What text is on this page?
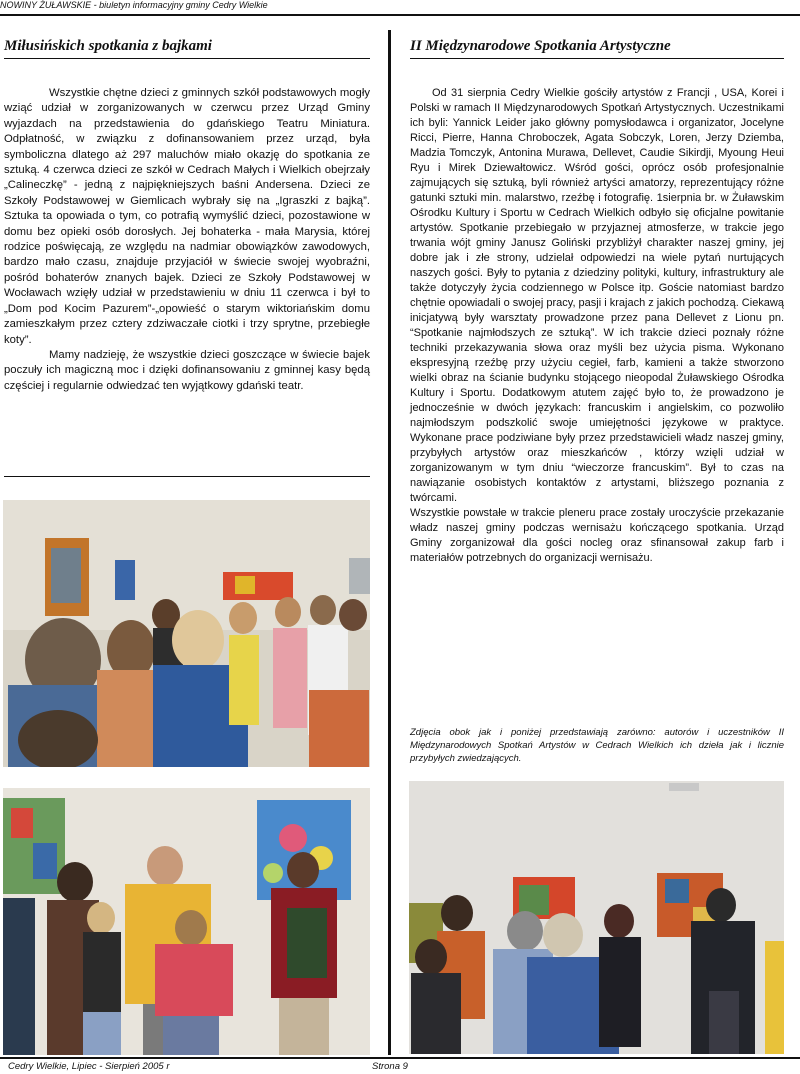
NOWINY ŻUŁAWSKIE - biuletyn informacyjny gminy Cedry Wielkie
Miłusińskich spotkania z bajkami

Wszystkie chętne dzieci z gminnych szkół podstawowych mogły wziąć udział w zorganizowanych w czerwcu przez Urząd Gminy wyjazdach na przedstawienia do gdańskiego Teatru Miniatura. Odpłatność, w związku z dofinansowaniem przez urząd, była symboliczna dlatego aż 297 maluchów miało okazję do spotkania ze sztuką. 4 czerwca dzieci ze szkół w Cedrach Małych i Wielkich obejrzały „Calineczkę” - jedną z najpiękniejszych baśni Andersena. Dzieci ze Szkoły Podstawowej w Giemlicach wybrały się na „Igraszki z bajką”. Sztuka ta opowiada o tym, co potrafią wymyślić dzieci, pozostawione w domu bez opieki osób dorosłych. Jej bohaterka - mała Marysia, której rodzice poświęcają, ze względu na nadmiar obowiązków zawodowych, bardzo mało czasu, znajduje przyjaciół w świecie swojej wyobraźni, pośród bohaterów znanych bajek. Dzieci ze Szkoły Podstawowej w Wocławach wzięły udział w przedstawieniu w dniu 11 czerwca i był to „Dom pod Kocim Pazurem”-„opowieść o starym wiktoriańskim domu zamieszkałym przez cztery zdziwaczałe ciotki i trzy sprytne, przebiegłe koty”.

Mamy nadzieję, że wszystkie dzieci goszczące w świecie bajek poczuły ich magiczną moc i dzięki dofinansowaniu z gminnej kasy będą częściej i regularnie odwiedzać ten wyjątkowy gdański teatr.

II Międzynarodowe Spotkania Artystyczne

Od 31 sierpnia Cedry Wielkie gościły artystów z Francji , USA, Korei i Polski w ramach II Międzynarodowych Spotkań Artystycznych. Uczestnikami ich byli: Yannick Leider jako główny pomysłodawca i organizator, Jocelyne Ricci, Pierre, Hanna Chroboczek, Agata Sobczyk, Loren, Jerzy Dziemba, Madzia Tomczyk, Antonina Murawa, Dellevet, Caudie Sikirdji, Myoung Heui Ryu i Mirek Dziewałtowicz. Wśród gości, oprócz osób profesjonalnie zajmujących się sztuką, byli również artyści amatorzy, reprezentujący różne gatunki sztuki min. malarstwo, rzeźbę i fotografię. 1sierpnia br. w Żuławskim Ośrodku Kultury i Sportu w Cedrach Wielkich odbyło się oficjalne powitanie artystów. Spotkanie przebiegało w przyjaznej atmosferze, w trakcie jego trwania wójt gminy Janusz Goliński przybliżył charakter naszej gminy, jej dobre jak i złe strony, udzielał odpowiedzi na wiele pytań nurtujących naszych gości. Były to pytania z dziedziny polityki, kultury, infrastruktury ale także dotyczyły życia codziennego w Polsce itp. Goście natomiast bardzo chętnie opowiadali o swojej pracy, pasji i krajach z jakich pochodzą. Ciekawą inicjatywą były warsztaty prowadzone przez pana Dellevet z Lionu pn. “Spotkanie najmłodszych ze sztuką”. W ich trakcie dzieci poznały różne techniki przekazywania słowa oraz myśli bez użycia pisma. Wykonano ekspresyjną rzeźbę przy użyciu cegieł, farb, kamieni a także stworzono wielki obraz na ścianie budynku stojącego nieopodal Żuławskiego Ośrodka Kultury i Sportu. Dodatkowym atutem zajęć było to, że prowadzono je jednocześnie w dwóch językach: francuskim i angielskim, co pozwoliło najmłodszym podszkolić swoje umiejętności językowe w praktyce. Wykonane prace podziwiane były przez przedstawicieli władz naszej gminy, przybyłych artystów oraz mieszkańców , którzy wzięli udział w zorganizowanym w tym dniu “wieczorze francuskim”. Był to czas na nawiązanie osobistych kontaktów z artystami, bliższego poznania z twórcami.

Wszystkie powstałe w trakcie pleneru prace zostały uroczyście przekazanie władz naszej gminy podczas wernisażu kończącego spotkania. Urząd Gminy zorganizował dla gości nocleg oraz sfinansował zakup farb i materiałów potrzebnych do organizacji wernisażu.

Zdjęcia obok jak i poniżej przedstawiają zarówno: autorów i uczestników II Międzynarodowych Spotkań Artystów w Cedrach Wielkich ich dzieła jak i licznie przybyłych zwiedzających.
Cedry Wielkie, Lipiec - Sierpień 2005 r	Strona 9
